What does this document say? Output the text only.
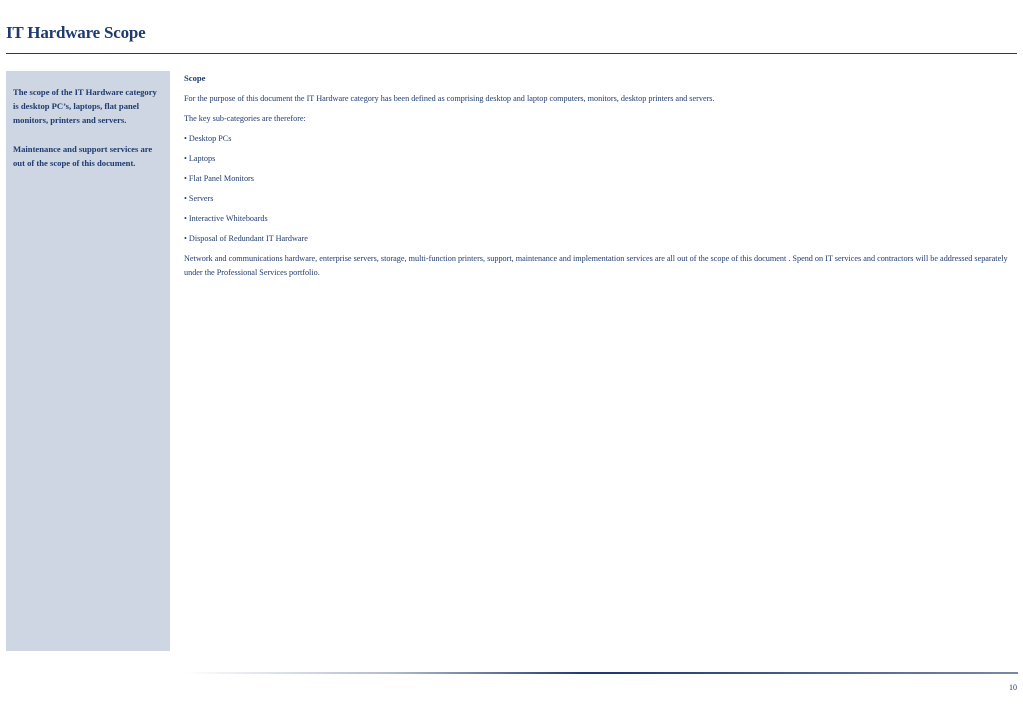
IT Hardware Scope

The scope of the IT Hardware category is desktop PC’s, laptops, flat panel monitors, printers and servers.

Maintenance and support services are out of the scope of this document.

Scope
For the purpose of this document the IT Hardware category has been defined as comprising desktop and laptop computers, monitors, desktop printers and servers.
The key sub-categories are therefore:
• Desktop PCs
• Laptops
• Flat Panel Monitors
• Servers
• Interactive Whiteboards
• Disposal of Redundant IT Hardware
Network and communications hardware, enterprise servers, storage, multi-function printers, support, maintenance and implementation services are all out of the scope of this document . Spend on IT services and contractors will be addressed separately under the Professional Services portfolio.
10
